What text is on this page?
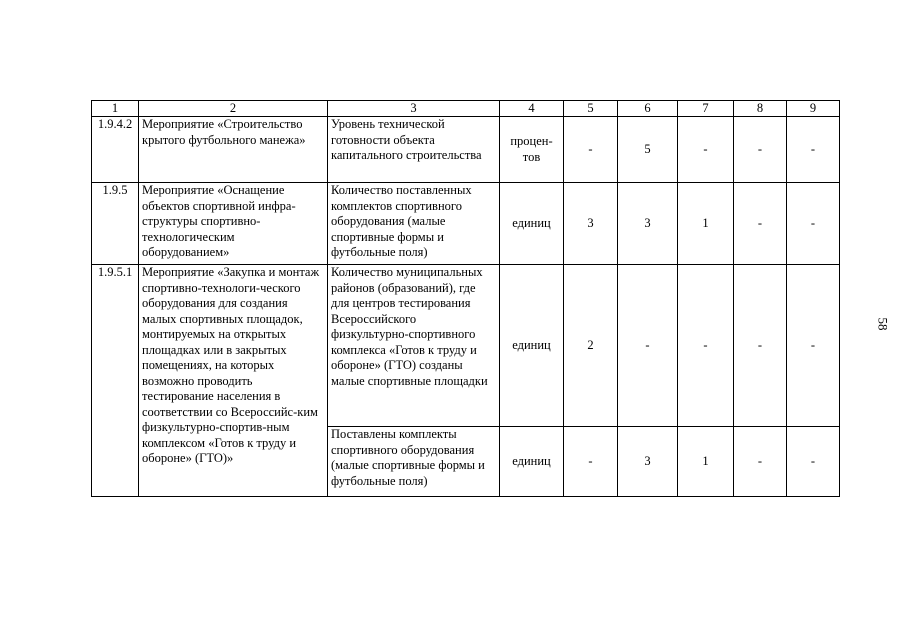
1	2	3	4	5	6	7	8	9
1.9.4.2	Мероприятие «Строительство крытого футбольного манежа»	Уровень технической готовности объекта капитального строительства	процен-тов	-	5	-	-	-
1.9.5	Мероприятие «Оснащение объектов спортивной инфра-структуры спортивно-технологическим оборудованием»	Количество поставленных комплектов спортивного оборудования (малые спортивные формы и футбольные поля)	единиц	3	3	1	-	-
1.9.5.1	Мероприятие «Закупка и монтаж спортивно-технологи-ческого оборудования для создания малых спортивных площадок, монтируемых на открытых площадках или в закрытых помещениях, на которых возможно проводить тестирование населения в соответствии со Всероссийс-ким физкультурно-спортив-ным комплексом «Готов к труду и обороне» (ГТО)»	Количество муниципальных районов (образований), где для центров тестирования Всероссийского физкультурно-спортивного комплекса «Готов к труду и обороне» (ГТО) созданы малые спортивные площадки	единиц	2	-	-	-	-
		Поставлены комплекты спортивного оборудования (малые спортивные формы и футбольные поля)	единиц	-	3	1	-	-
58
